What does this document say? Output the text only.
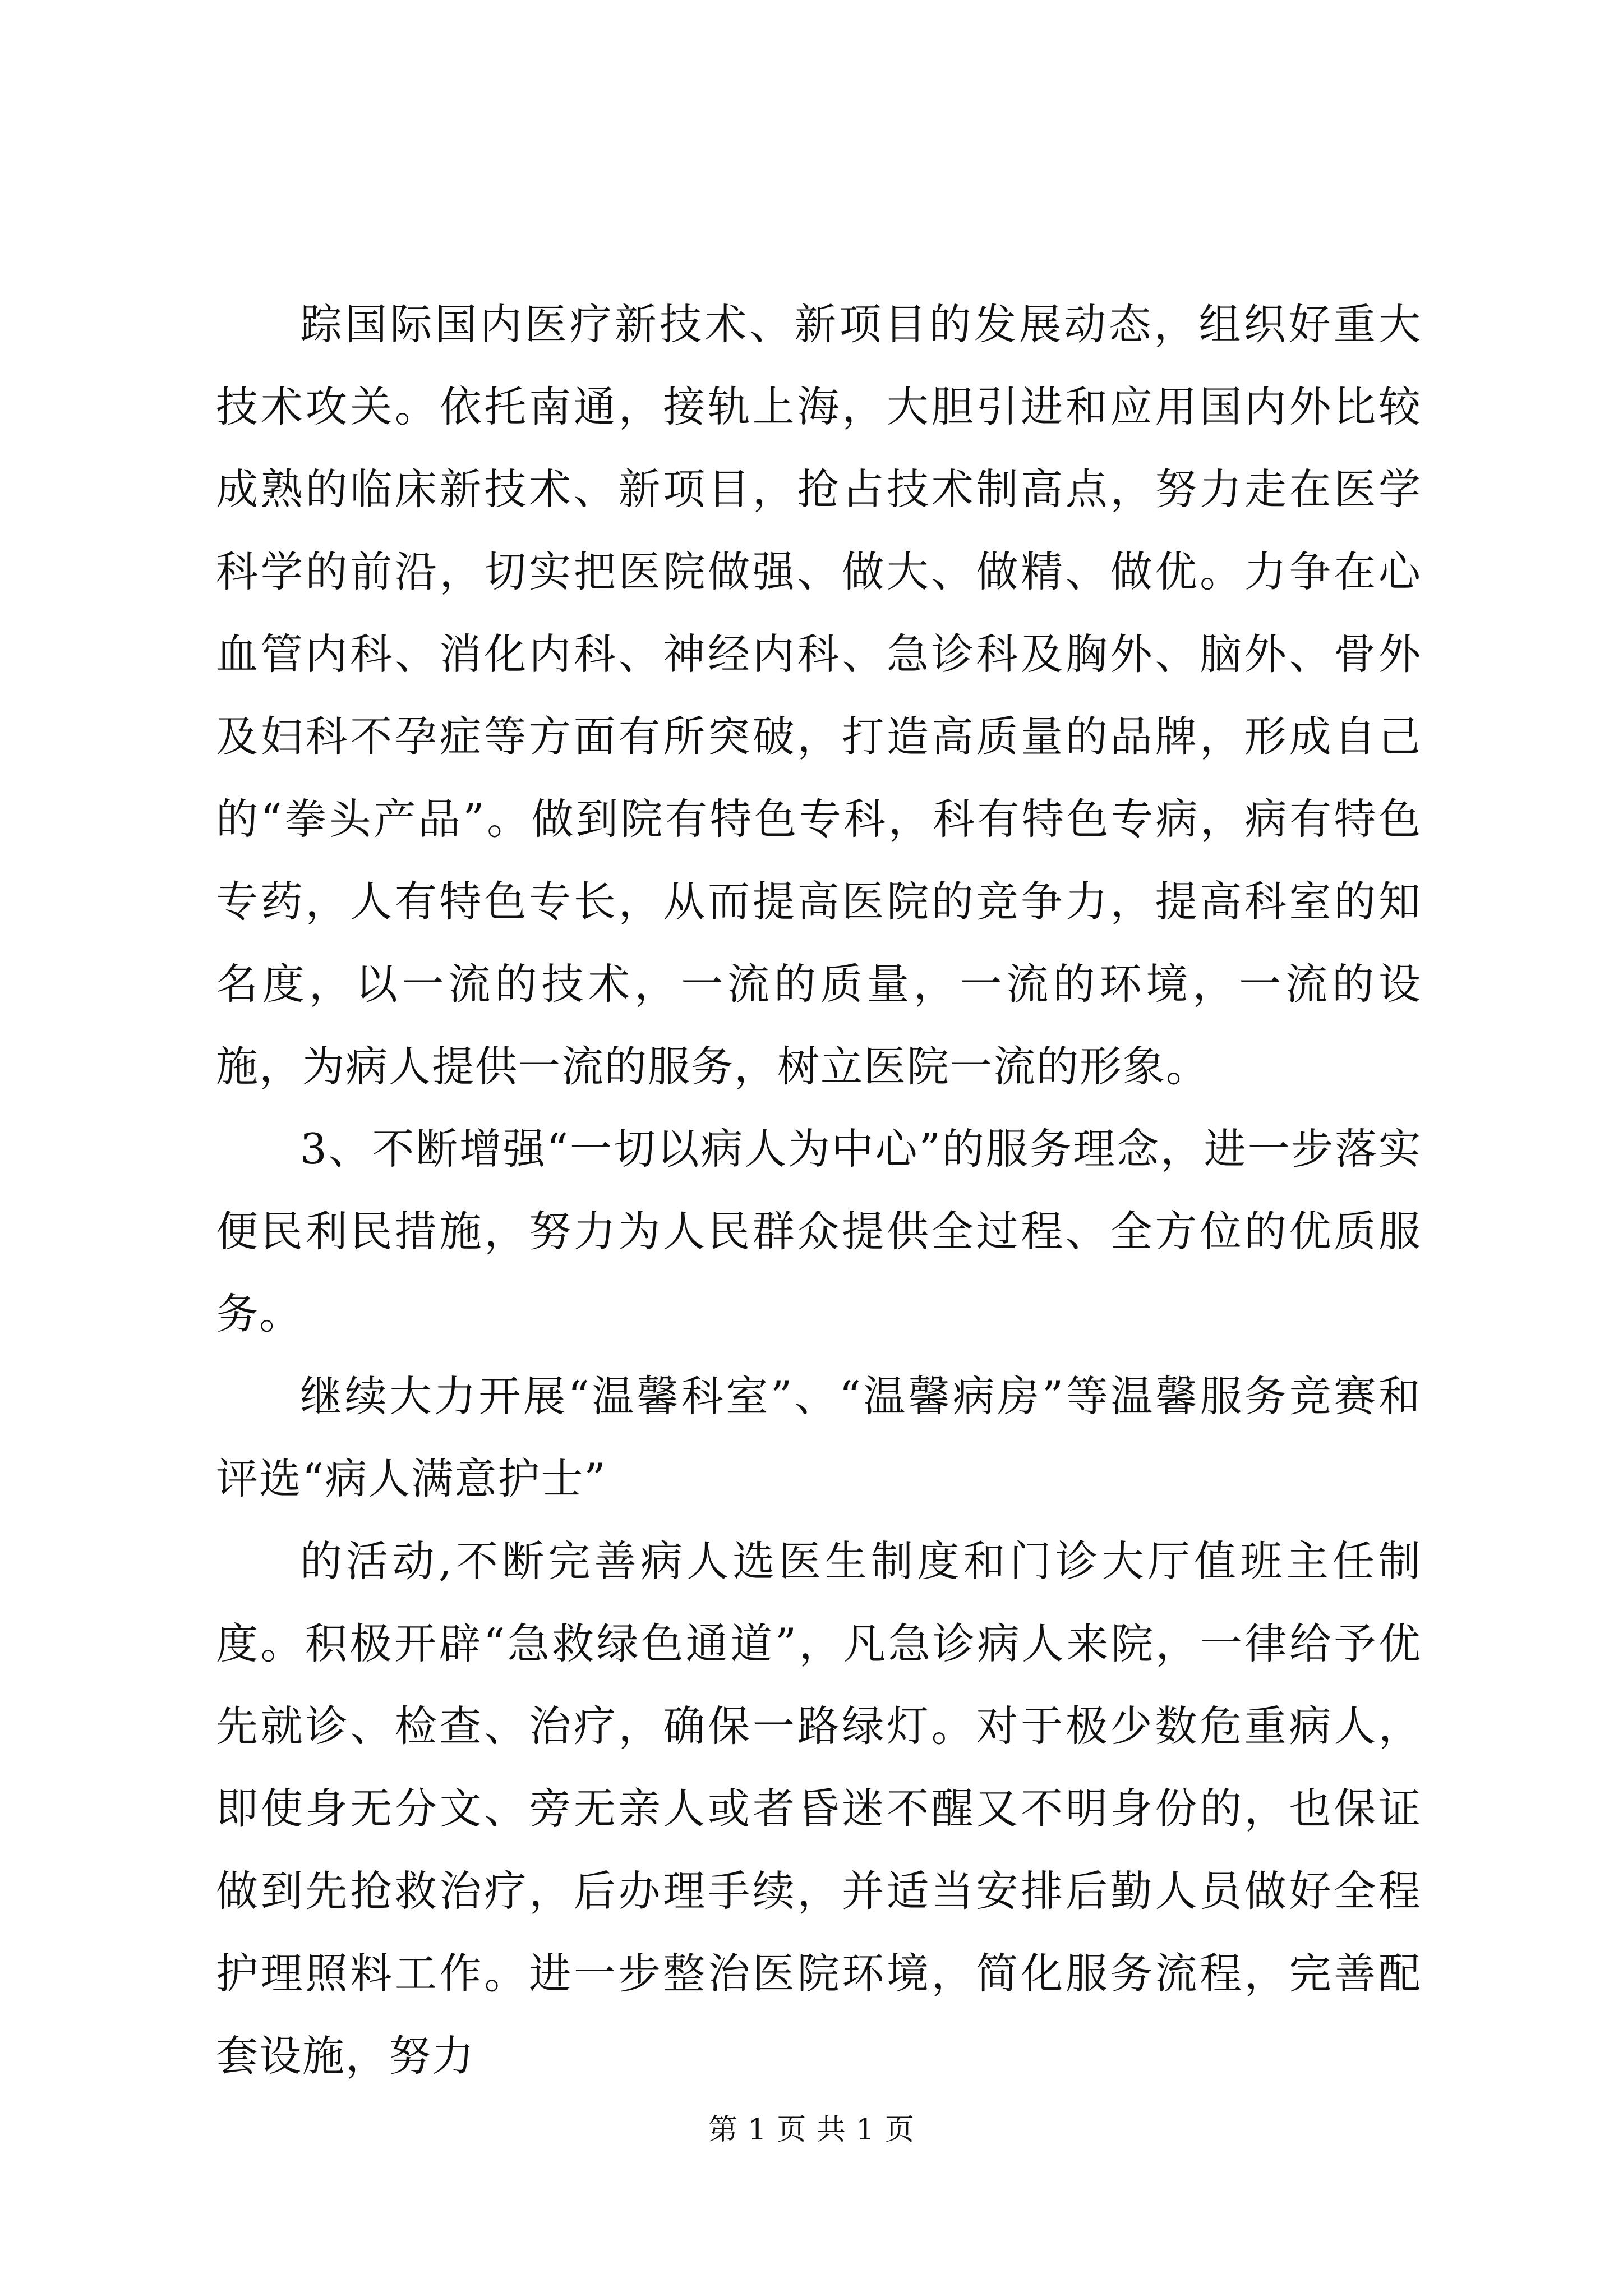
踪国际国内医疗新技术、新项目的发展动态，组织好重大技术攻关。依托南通，接轨上海，大胆引进和应用国内外比较成熟的临床新技术、新项目，抢占技术制高点，努力走在医学科学的前沿，切实把医院做强、做大、做精、做优。力争在心血管内科、消化内科、神经内科、急诊科及胸外、脑外、骨外及妇科不孕症等方面有所突破，打造高质量的品牌，形成自己的“拳头产品”。做到院有特色专科，科有特色专病，病有特色专药，人有特色专长，从而提高医院的竞争力，提高科室的知名度，以一流的技术，一流的质量，一流的环境，一流的设施，为病人提供一流的服务，树立医院一流的形象。

3、不断增强“一切以病人为中心”的服务理念，进一步落实便民利民措施，努力为人民群众提供全过程、全方位的优质服务。

继续大力开展“温馨科室”、“温馨病房”等温馨服务竞赛和评选“病人满意护士”

的活动,不断完善病人选医生制度和门诊大厅值班主任制度。积极开辟“急救绿色通道”，凡急诊病人来院，一律给予优先就诊、检查、治疗，确保一路绿灯。对于极少数危重病人，即使身无分文、旁无亲人或者昏迷不醒又不明身份的，也保证做到先抢救治疗，后办理手续，并适当安排后勤人员做好全程护理照料工作。进一步整治医院环境，简化服务流程，完善配套设施，努力

第 1 页 共 1 页
